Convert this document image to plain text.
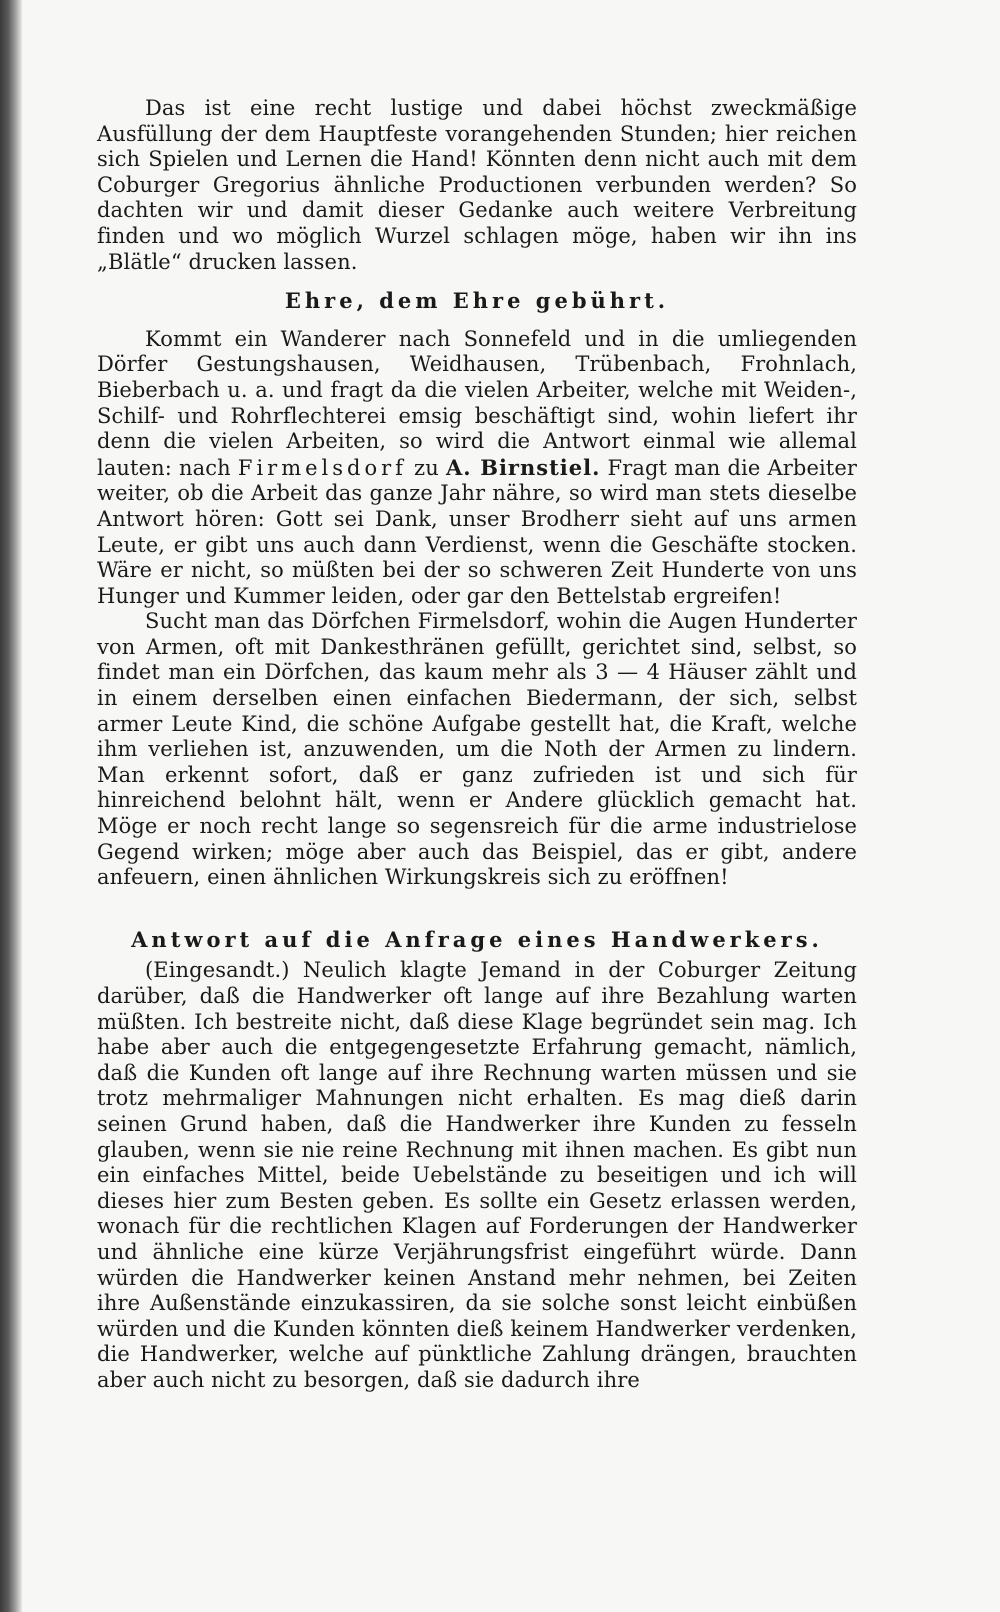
Das ist eine recht lustige und dabei höchst zweckmäßige Ausfüllung der dem Hauptfeste vorangehenden Stunden; hier reichen sich Spielen und Lernen die Hand! Könnten denn nicht auch mit dem Coburger Gregorius ähnliche Productionen verbunden werden? So dachten wir und damit dieser Gedanke auch weitere Verbreitung finden und wo möglich Wurzel schlagen möge, haben wir ihn ins „Blätle“ drucken lassen.

Ehre, dem Ehre gebührt.

Kommt ein Wanderer nach Sonnefeld und in die umliegenden Dörfer Gestungshausen, Weidhausen, Trübenbach, Frohnlach, Bieberbach u. a. und fragt da die vielen Arbeiter, welche mit Weiden-, Schilf- und Rohrflechterei emsig beschäftigt sind, wohin liefert ihr denn die vielen Arbeiten, so wird die Antwort einmal wie allemal lauten: nach Firmelsdorf zu A. Birnstiel. Fragt man die Arbeiter weiter, ob die Arbeit das ganze Jahr nähre, so wird man stets dieselbe Antwort hören: Gott sei Dank, unser Brodherr sieht auf uns armen Leute, er gibt uns auch dann Verdienst, wenn die Geschäfte stocken. Wäre er nicht, so müßten bei der so schweren Zeit Hunderte von uns Hunger und Kummer leiden, oder gar den Bettelstab ergreifen!

Sucht man das Dörfchen Firmelsdorf, wohin die Augen Hunderter von Armen, oft mit Dankesthränen gefüllt, gerichtet sind, selbst, so findet man ein Dörfchen, das kaum mehr als 3 — 4 Häuser zählt und in einem derselben einen einfachen Biedermann, der sich, selbst armer Leute Kind, die schöne Aufgabe gestellt hat, die Kraft, welche ihm verliehen ist, anzuwenden, um die Noth der Armen zu lindern. Man erkennt sofort, daß er ganz zufrieden ist und sich für hinreichend belohnt hält, wenn er Andere glücklich gemacht hat. Möge er noch recht lange so segensreich für die arme industrielose Gegend wirken; möge aber auch das Beispiel, das er gibt, andere anfeuern, einen ähnlichen Wirkungskreis sich zu eröffnen!

Antwort auf die Anfrage eines Handwerkers.

(Eingesandt.) Neulich klagte Jemand in der Coburger Zeitung darüber, daß die Handwerker oft lange auf ihre Bezahlung warten müßten. Ich bestreite nicht, daß diese Klage begründet sein mag. Ich habe aber auch die entgegengesetzte Erfahrung gemacht, nämlich, daß die Kunden oft lange auf ihre Rechnung warten müssen und sie trotz mehrmaliger Mahnungen nicht erhalten. Es mag dieß darin seinen Grund haben, daß die Handwerker ihre Kunden zu fesseln glauben, wenn sie nie reine Rechnung mit ihnen machen. Es gibt nun ein einfaches Mittel, beide Uebelstände zu beseitigen und ich will dieses hier zum Besten geben. Es sollte ein Gesetz erlassen werden, wonach für die rechtlichen Klagen auf Forderungen der Handwerker und ähnliche eine kürze Verjährungsfrist eingeführt würde. Dann würden die Handwerker keinen Anstand mehr nehmen, bei Zeiten ihre Außenstände einzukassiren, da sie solche sonst leicht einbüßen würden und die Kunden könnten dieß keinem Handwerker verdenken, die Handwerker, welche auf pünktliche Zahlung drängen, brauchten aber auch nicht zu besorgen, daß sie dadurch ihre
